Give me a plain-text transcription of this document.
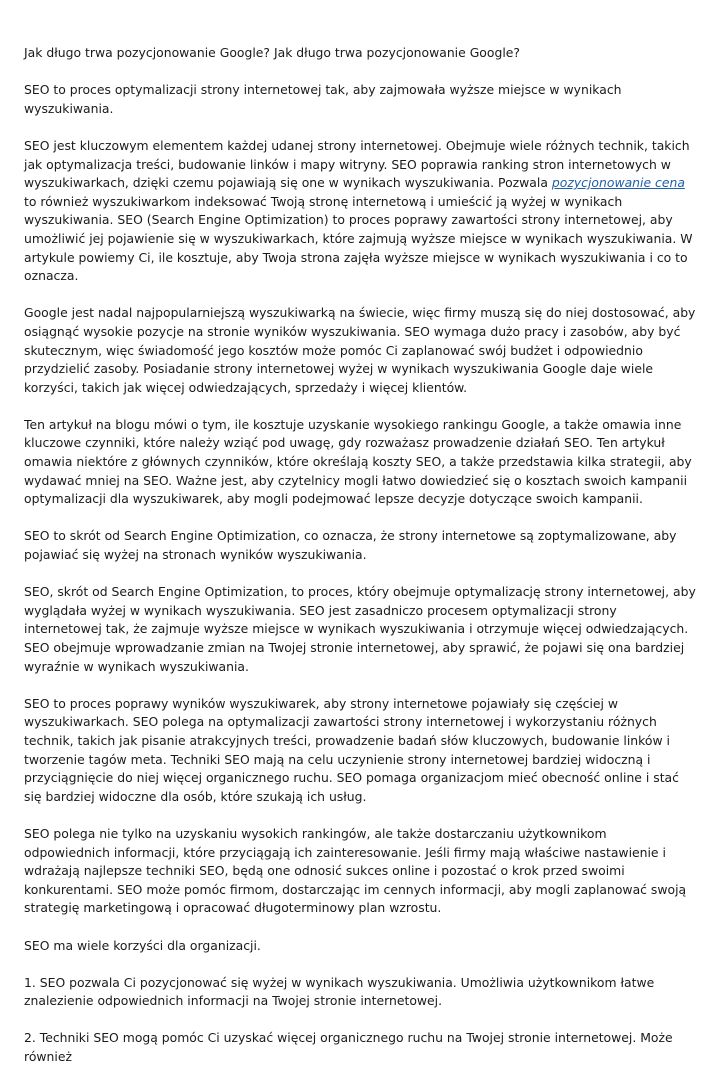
Jak długo trwa pozycjonowanie Google? Jak długo trwa pozycjonowanie Google?

SEO to proces optymalizacji strony internetowej tak, aby zajmowała wyższe miejsce w wynikach wyszukiwania.

SEO jest kluczowym elementem każdej udanej strony internetowej. Obejmuje wiele różnych technik, takich jak optymalizacja treści, budowanie linków i mapy witryny. SEO poprawia ranking stron internetowych w wyszukiwarkach, dzięki czemu pojawiają się one w wynikach wyszukiwania. Pozwala pozycjonowanie cena to również wyszukiwarkom indeksować Twoją stronę internetową i umieścić ją wyżej w wynikach wyszukiwania. SEO (Search Engine Optimization) to proces poprawy zawartości strony internetowej, aby umożliwić jej pojawienie się w wyszukiwarkach, które zajmują wyższe miejsce w wynikach wyszukiwania. W artykule powiemy Ci, ile kosztuje, aby Twoja strona zajęła wyższe miejsce w wynikach wyszukiwania i co to oznacza.

Google jest nadal najpopularniejszą wyszukiwarką na świecie, więc firmy muszą się do niej dostosować, aby osiągnąć wysokie pozycje na stronie wyników wyszukiwania. SEO wymaga dużo pracy i zasobów, aby być skutecznym, więc świadomość jego kosztów może pomóc Ci zaplanować swój budżet i odpowiednio przydzielić zasoby. Posiadanie strony internetowej wyżej w wynikach wyszukiwania Google daje wiele korzyści, takich jak więcej odwiedzających, sprzedaży i więcej klientów.

Ten artykuł na blogu mówi o tym, ile kosztuje uzyskanie wysokiego rankingu Google, a także omawia inne kluczowe czynniki, które należy wziąć pod uwagę, gdy rozważasz prowadzenie działań SEO. Ten artykuł omawia niektóre z głównych czynników, które określają koszty SEO, a także przedstawia kilka strategii, aby wydawać mniej na SEO. Ważne jest, aby czytelnicy mogli łatwo dowiedzieć się o kosztach swoich kampanii optymalizacji dla wyszukiwarek, aby mogli podejmować lepsze decyzje dotyczące swoich kampanii.

SEO to skrót od Search Engine Optimization, co oznacza, że strony internetowe są zoptymalizowane, aby pojawiać się wyżej na stronach wyników wyszukiwania.

SEO, skrót od Search Engine Optimization, to proces, który obejmuje optymalizację strony internetowej, aby wyglądała wyżej w wynikach wyszukiwania. SEO jest zasadniczo procesem optymalizacji strony internetowej tak, że zajmuje wyższe miejsce w wynikach wyszukiwania i otrzymuje więcej odwiedzających. SEO obejmuje wprowadzanie zmian na Twojej stronie internetowej, aby sprawić, że pojawi się ona bardziej wyraźnie w wynikach wyszukiwania.

SEO to proces poprawy wyników wyszukiwarek, aby strony internetowe pojawiały się częściej w wyszukiwarkach. SEO polega na optymalizacji zawartości strony internetowej i wykorzystaniu różnych technik, takich jak pisanie atrakcyjnych treści, prowadzenie badań słów kluczowych, budowanie linków i tworzenie tagów meta. Techniki SEO mają na celu uczynienie strony internetowej bardziej widoczną i przyciągnięcie do niej więcej organicznego ruchu. SEO pomaga organizacjom mieć obecność online i stać się bardziej widoczne dla osób, które szukają ich usług.

SEO polega nie tylko na uzyskaniu wysokich rankingów, ale także dostarczaniu użytkownikom odpowiednich informacji, które przyciągają ich zainteresowanie. Jeśli firmy mają właściwe nastawienie i wdrażają najlepsze techniki SEO, będą one odnosić sukces online i pozostać o krok przed swoimi konkurentami. SEO może pomóc firmom, dostarczając im cennych informacji, aby mogli zaplanować swoją strategię marketingową i opracować długoterminowy plan wzrostu.

SEO ma wiele korzyści dla organizacji.

1. SEO pozwala Ci pozycjonować się wyżej w wynikach wyszukiwania. Umożliwia użytkownikom łatwe znalezienie odpowiednich informacji na Twojej stronie internetowej.

2. Techniki SEO mogą pomóc Ci uzyskać więcej organicznego ruchu na Twojej stronie internetowej. Może również
